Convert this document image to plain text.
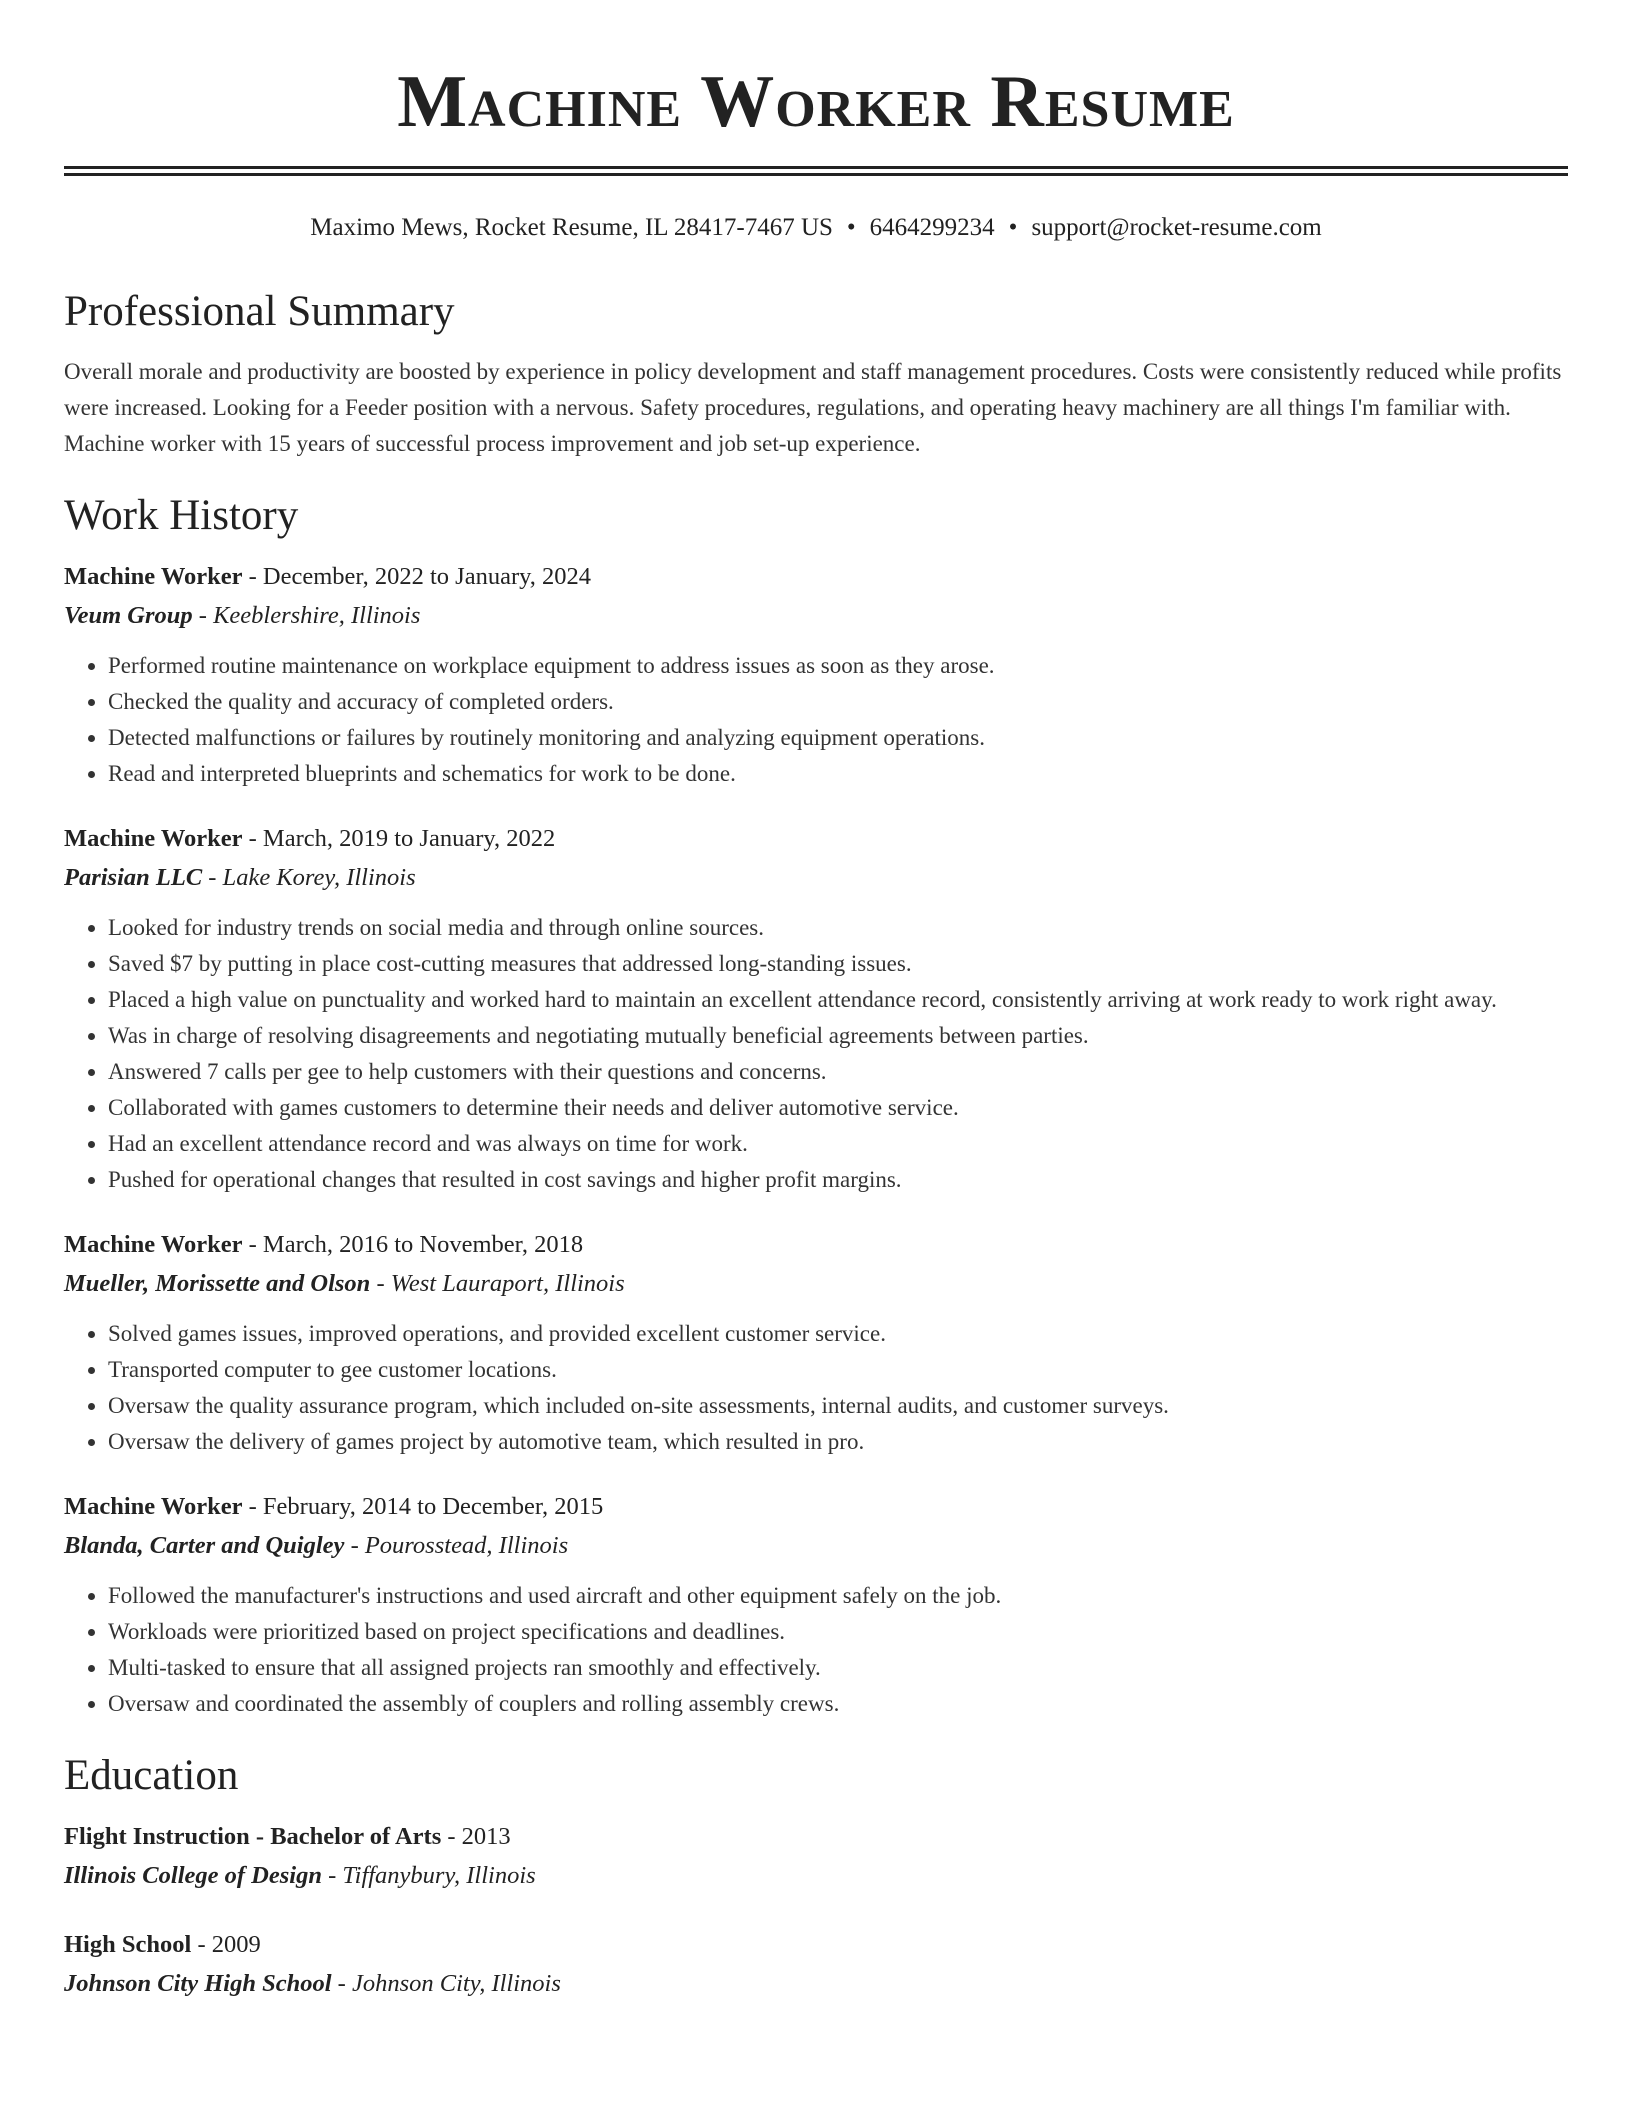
Machine Worker Resume
Maximo Mews, Rocket Resume, IL 28417-7467 US • 6464299234 • support@rocket-resume.com
Professional Summary

Overall morale and productivity are boosted by experience in policy development and staff management procedures. Costs were consistently reduced while profits were increased. Looking for a Feeder position with a nervous. Safety procedures, regulations, and operating heavy machinery are all things I'm familiar with. Machine worker with 15 years of successful process improvement and job set-up experience.

Work History
Machine Worker - December, 2022 to January, 2024
Veum Group - Keeblershire, Illinois
• Performed routine maintenance on workplace equipment to address issues as soon as they arose.
• Checked the quality and accuracy of completed orders.
• Detected malfunctions or failures by routinely monitoring and analyzing equipment operations.
• Read and interpreted blueprints and schematics for work to be done.
Machine Worker - March, 2019 to January, 2022
Parisian LLC - Lake Korey, Illinois
• Looked for industry trends on social media and through online sources.
• Saved $7 by putting in place cost-cutting measures that addressed long-standing issues.
• Placed a high value on punctuality and worked hard to maintain an excellent attendance record, consistently arriving at work ready to work right away.
• Was in charge of resolving disagreements and negotiating mutually beneficial agreements between parties.
• Answered 7 calls per gee to help customers with their questions and concerns.
• Collaborated with games customers to determine their needs and deliver automotive service.
• Had an excellent attendance record and was always on time for work.
• Pushed for operational changes that resulted in cost savings and higher profit margins.
Machine Worker - March, 2016 to November, 2018
Mueller, Morissette and Olson - West Lauraport, Illinois
• Solved games issues, improved operations, and provided excellent customer service.
• Transported computer to gee customer locations.
• Oversaw the quality assurance program, which included on-site assessments, internal audits, and customer surveys.
• Oversaw the delivery of games project by automotive team, which resulted in pro.
Machine Worker - February, 2014 to December, 2015
Blanda, Carter and Quigley - Pourosstead, Illinois
• Followed the manufacturer's instructions and used aircraft and other equipment safely on the job.
• Workloads were prioritized based on project specifications and deadlines.
• Multi-tasked to ensure that all assigned projects ran smoothly and effectively.
• Oversaw and coordinated the assembly of couplers and rolling assembly crews.
Education
Flight Instruction - Bachelor of Arts - 2013
Illinois College of Design - Tiffanybury, Illinois
High School - 2009
Johnson City High School - Johnson City, Illinois
